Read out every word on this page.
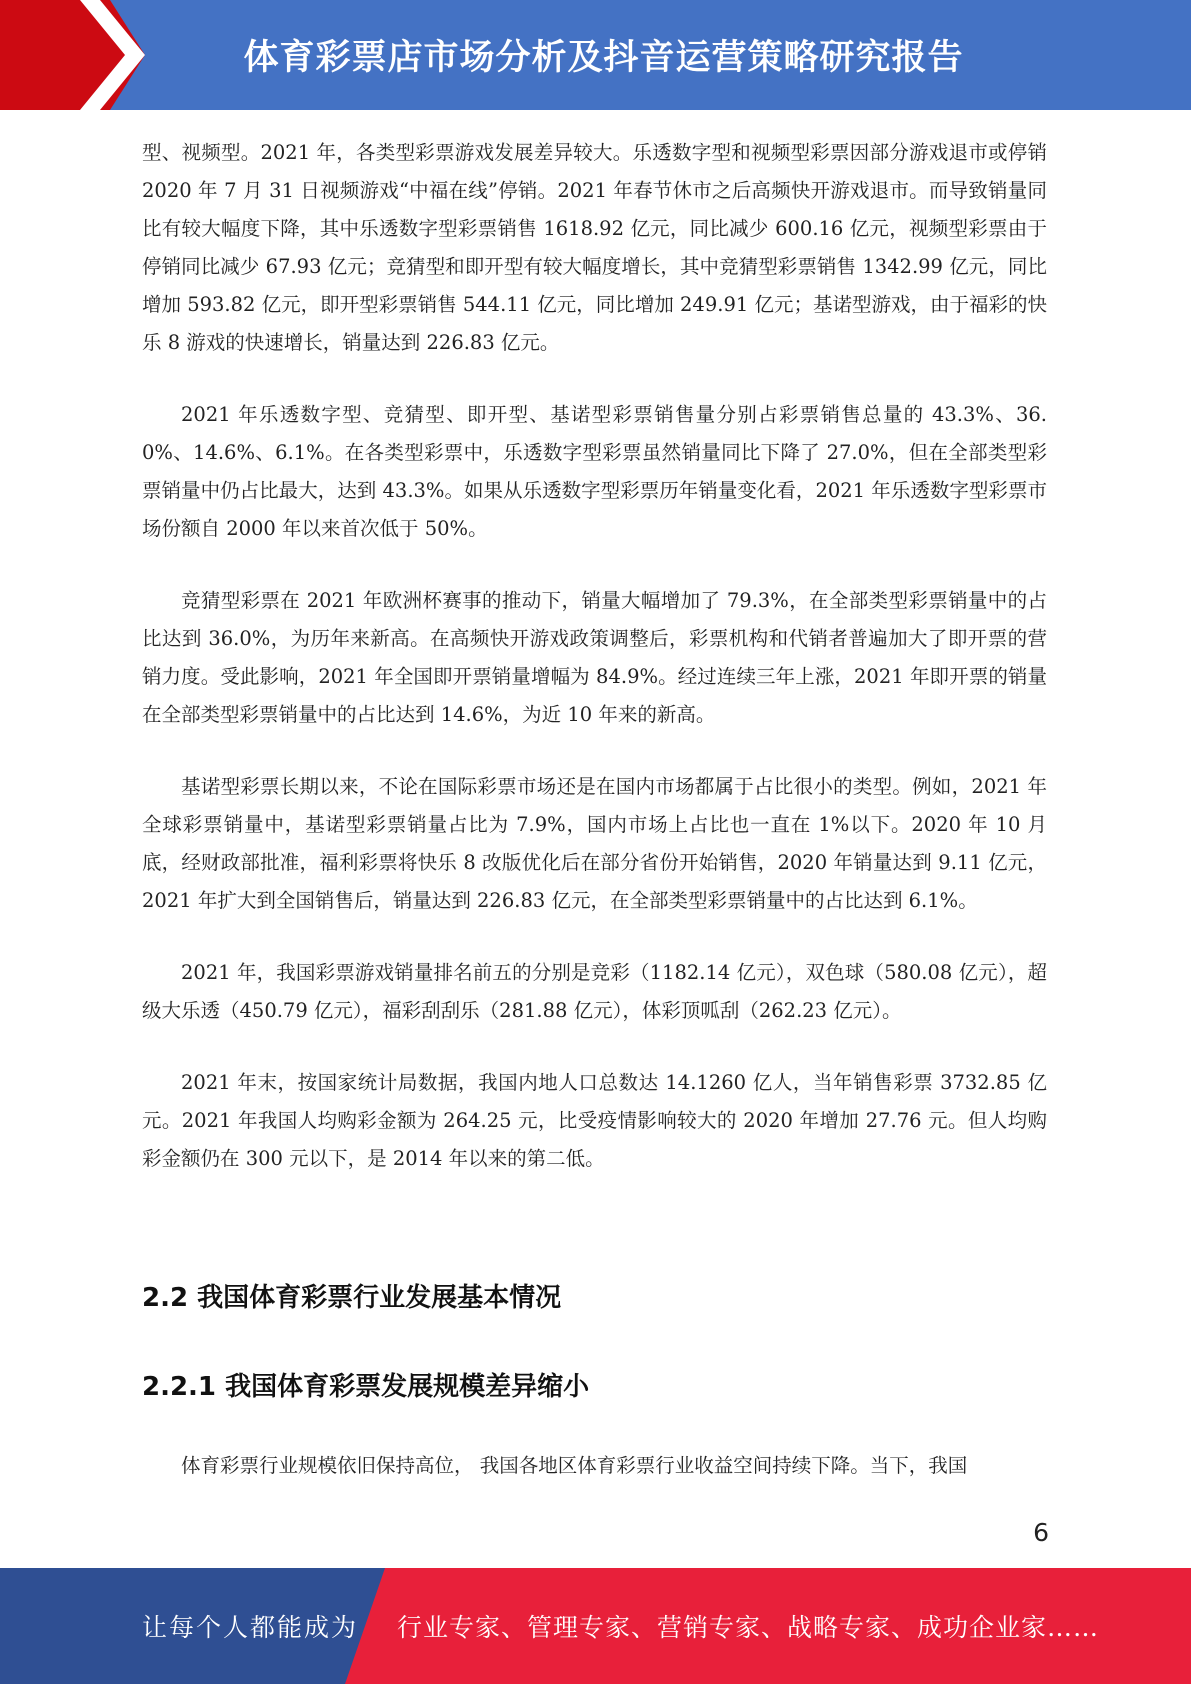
体育彩票店市场分析及抖音运营策略研究报告

型、视频型。2021 年，各类型彩票游戏发展差异较大。乐透数字型和视频型彩票因部分游戏退市或停销 2020 年 7 月 31 日视频游戏“中福在线”停销。2021 年春节休市之后高频快开游戏退市。而导致销量同比有较大幅度下降，其中乐透数字型彩票销售 1618.92 亿元，同比减少 600.16 亿元，视频型彩票由于停销同比减少 67.93 亿元；竞猜型和即开型有较大幅度增长，其中竞猜型彩票销售 1342.99 亿元，同比增加 593.82 亿元，即开型彩票销售 544.11 亿元，同比增加 249.91 亿元；基诺型游戏，由于福彩的快乐 8 游戏的快速增长，销量达到 226.83 亿元。

2021 年乐透数字型、竞猜型、即开型、基诺型彩票销售量分别占彩票销售总量的 43.3%、36.0%、14.6%、6.1%。在各类型彩票中，乐透数字型彩票虽然销量同比下降了 27.0%，但在全部类型彩票销量中仍占比最大，达到 43.3%。如果从乐透数字型彩票历年销量变化看，2021 年乐透数字型彩票市场份额自 2000 年以来首次低于 50%。

竞猜型彩票在 2021 年欧洲杯赛事的推动下，销量大幅增加了 79.3%，在全部类型彩票销量中的占比达到 36.0%，为历年来新高。在高频快开游戏政策调整后，彩票机构和代销者普遍加大了即开票的营销力度。受此影响，2021 年全国即开票销量增幅为 84.9%。经过连续三年上涨，2021 年即开票的销量在全部类型彩票销量中的占比达到 14.6%，为近 10 年来的新高。

基诺型彩票长期以来，不论在国际彩票市场还是在国内市场都属于占比很小的类型。例如，2021 年全球彩票销量中，基诺型彩票销量占比为 7.9%，国内市场上占比也一直在 1%以下。2020 年 10 月底，经财政部批准，福利彩票将快乐 8 改版优化后在部分省份开始销售，2020 年销量达到 9.11 亿元，2021 年扩大到全国销售后，销量达到 226.83 亿元，在全部类型彩票销量中的占比达到 6.1%。

2021 年，我国彩票游戏销量排名前五的分别是竞彩（1182.14 亿元），双色球（580.08 亿元），超级大乐透（450.79 亿元），福彩刮刮乐（281.88 亿元），体彩顶呱刮（262.23 亿元）。

2021 年末，按国家统计局数据，我国内地人口总数达 14.1260 亿人，当年销售彩票 3732.85 亿元。2021 年我国人均购彩金额为 264.25 元，比受疫情影响较大的 2020 年增加 27.76 元。但人均购彩金额仍在 300 元以下，是 2014 年以来的第二低。

2.2 我国体育彩票行业发展基本情况
2.2.1 我国体育彩票发展规模差异缩小

体育彩票行业规模依旧保持高位， 我国各地区体育彩票行业收益空间持续下降。当下，我国

6
让每个人都能成为 行业专家、管理专家、营销专家、战略专家、成功企业家……
